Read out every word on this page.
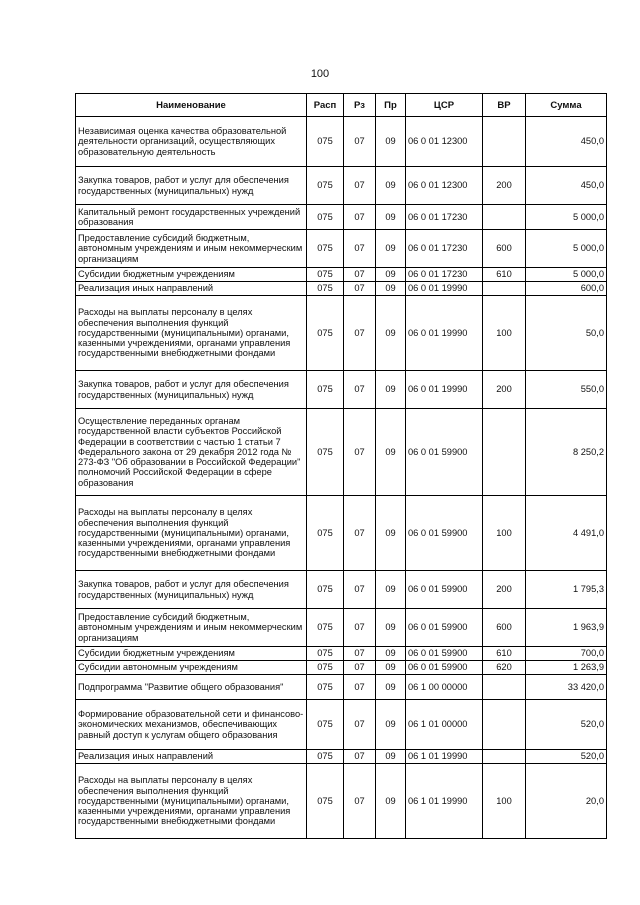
100
Наименование	Расп	Рз	Пр	ЦСР	ВР	Сумма
Независимая оценка качества образовательной деятельности организаций, осуществляющих образовательную деятельность	075	07	09	06 0 01 12300		450,0
Закупка товаров, работ и услуг для обеспечения государственных (муниципальных) нужд	075	07	09	06 0 01 12300	200	450,0
Капитальный ремонт государственных учреждений образования	075	07	09	06 0 01 17230		5 000,0
Предоставление субсидий бюджетным, автономным учреждениям и иным некоммерческим организациям	075	07	09	06 0 01 17230	600	5 000,0
Субсидии бюджетным учреждениям	075	07	09	06 0 01 17230	610	5 000,0
Реализация иных направлений	075	07	09	06 0 01 19990		600,0
Расходы на выплаты персоналу в целях обеспечения выполнения функций государственными (муниципальными) органами, казенными учреждениями, органами управления государственными внебюджетными фондами	075	07	09	06 0 01 19990	100	50,0
Закупка товаров, работ и услуг для обеспечения государственных (муниципальных) нужд	075	07	09	06 0 01 19990	200	550,0
Осуществление переданных органам государственной власти субъектов Российской Федерации в соответствии с частью 1 статьи 7 Федерального закона от 29 декабря 2012 года № 273-ФЗ "Об образовании в Российской Федерации" полномочий Российской Федерации в сфере образования	075	07	09	06 0 01 59900		8 250,2
Расходы на выплаты персоналу в целях обеспечения выполнения функций государственными (муниципальными) органами, казенными учреждениями, органами управления государственными внебюджетными фондами	075	07	09	06 0 01 59900	100	4 491,0
Закупка товаров, работ и услуг для обеспечения государственных (муниципальных) нужд	075	07	09	06 0 01 59900	200	1 795,3
Предоставление субсидий бюджетным, автономным учреждениям и иным некоммерческим организациям	075	07	09	06 0 01 59900	600	1 963,9
Субсидии бюджетным учреждениям	075	07	09	06 0 01 59900	610	700,0
Субсидии автономным учреждениям	075	07	09	06 0 01 59900	620	1 263,9
Подпрограмма "Развитие общего образования"	075	07	09	06 1 00 00000		33 420,0
Формирование образовательной сети и финансово-экономических механизмов, обеспечивающих равный доступ к услугам общего образования	075	07	09	06 1 01 00000		520,0
Реализация иных направлений	075	07	09	06 1 01 19990		520,0
Расходы на выплаты персоналу в целях обеспечения выполнения функций государственными (муниципальными) органами, казенными учреждениями, органами управления государственными внебюджетными фондами	075	07	09	06 1 01 19990	100	20,0
